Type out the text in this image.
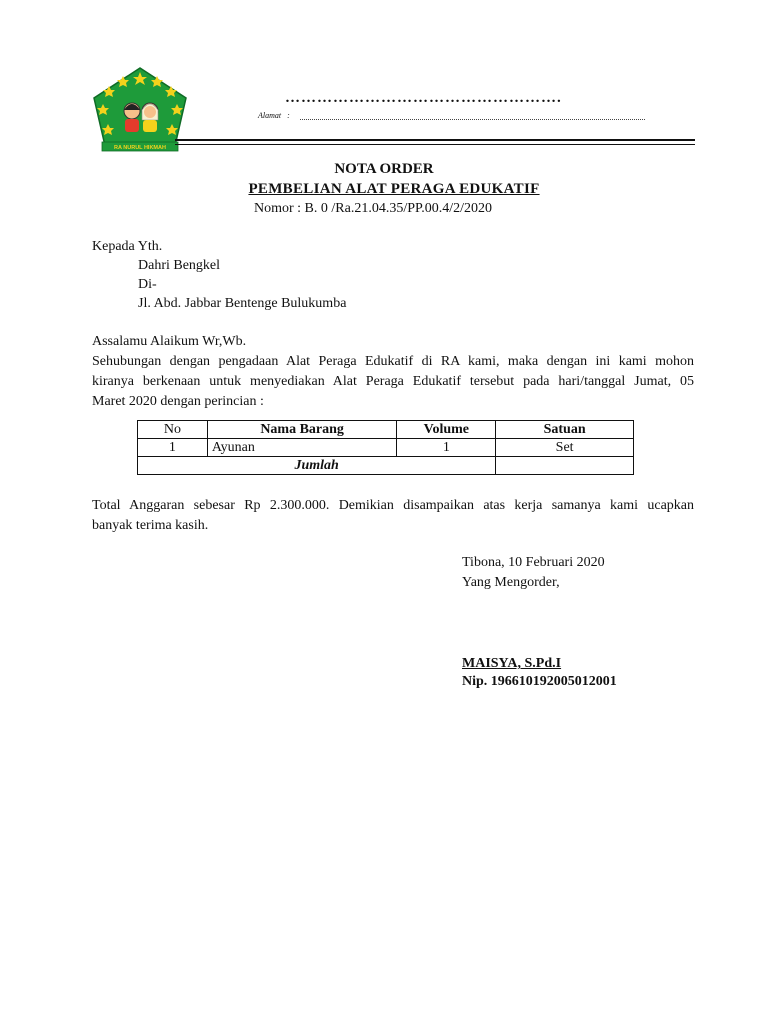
RA NURUL HIKMAH
…………………………………………….
Alamat :
NOTA ORDER
PEMBELIAN ALAT PERAGA EDUKATIF
Nomor : B. 0 /Ra.21.04.35/PP.00.4/2/2020
Kepada Yth.
Dahri Bengkel
Di-
Jl. Abd. Jabbar Bentenge Bulukumba
Assalamu Alaikum Wr,Wb.
Sehubungan dengan pengadaan Alat Peraga Edukatif di RA kami, maka dengan ini kami mohon
kiranya berkenaan untuk menyediakan Alat Peraga Edukatif tersebut pada hari/tanggal Jumat, 05
Maret 2020 dengan perincian :
No	Nama Barang	Volume	Satuan
1	Ayunan	1	Set
Jumlah			
Total Anggaran sebesar Rp 2.300.000. Demikian disampaikan atas kerja samanya kami ucapkan
banyak terima kasih.
Tibona, 10 Februari 2020
Yang Mengorder,
MAISYA, S.Pd.I
Nip. 196610192005012001
